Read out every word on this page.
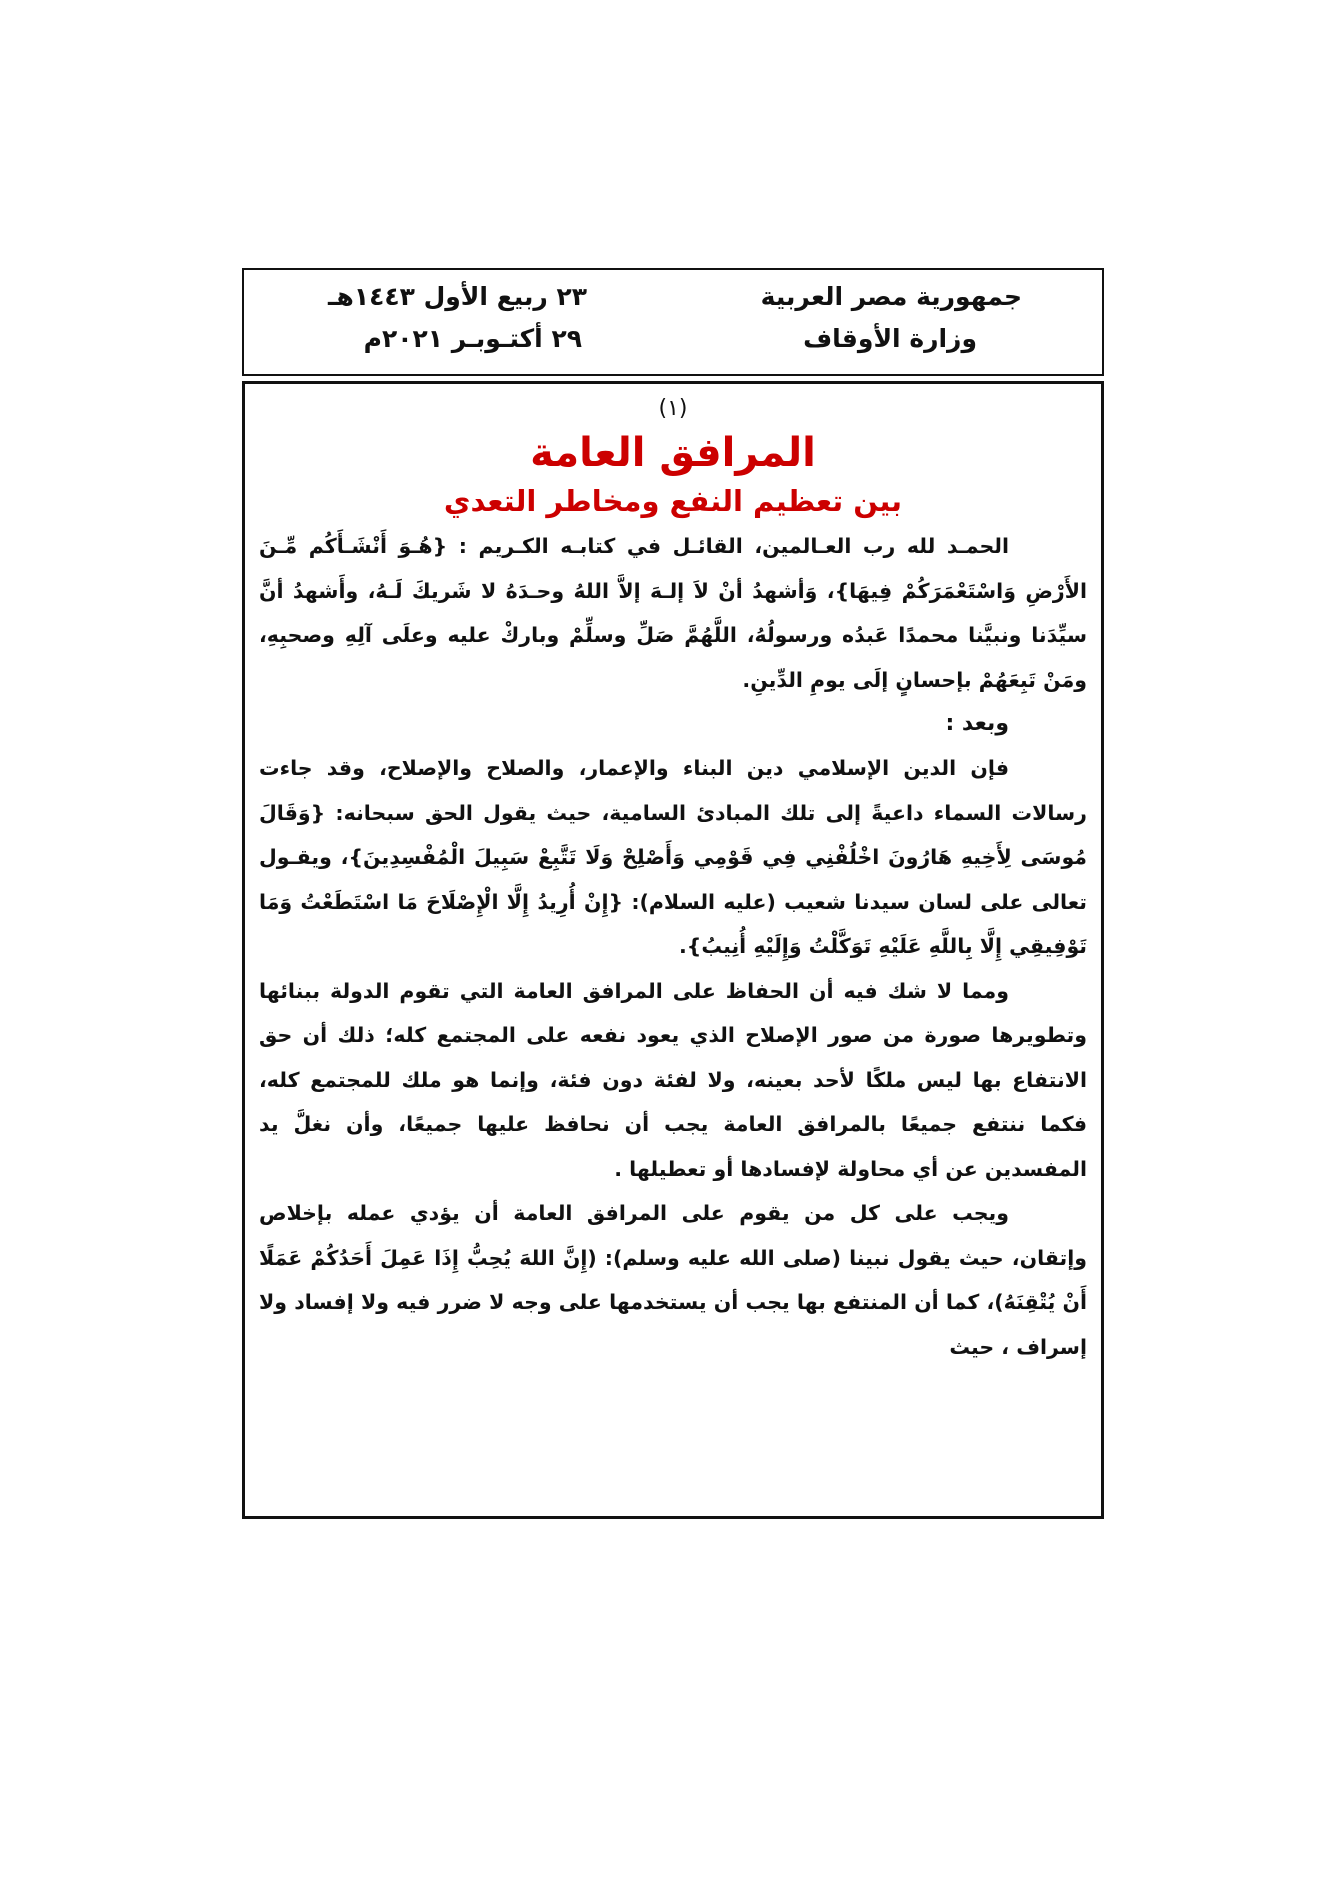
جمهورية مصر العربية
وزارة الأوقاف
٢٣ ربيع الأول ١٤٤٣هـ
٢٩ أكتـوبـر ٢٠٢١م
(١)
المرافق العامة
بين تعظيم النفع ومخاطر التعدي

الحمـد لله رب العـالمين، القائـل في كتابـه الكـريم : {هُـوَ أَنْشَـأَكُم مِّـنَ الأَرْضِ وَاسْتَعْمَرَكُمْ فِيهَا}، وَأشهدُ أنْ لاَ إلـهَ إلاَّ اللهُ وحـدَهُ لا شَريكَ لَـهُ، وأَشهدُ أنَّ سيِّدَنا ونبيَّنا محمدًا عَبدُه ورسولُهُ، اللَّهُمَّ صَلِّ وسلِّمْ وباركْ عليه وعلَى آلِهِ وصحبِهِ، ومَنْ تَبِعَهُمْ بإحسانٍ إلَى يومِ الدِّينِ.

وبعد :

فإن الدين الإسلامي دين البناء والإعمار، والصلاح والإصلاح، وقد جاءت رسالات السماء داعيةً إلى تلك المبادئ السامية، حيث يقول الحق سبحانه: {وَقَالَ مُوسَى لِأَخِيهِ هَارُونَ اخْلُفْنِي فِي قَوْمِي وَأَصْلِحْ وَلَا تَتَّبِعْ سَبِيلَ الْمُفْسِدِينَ}، ويقـول تعالى على لسان سيدنا شعيب (عليه السلام): {إِنْ أُرِيدُ إِلَّا الْإِصْلَاحَ مَا اسْتَطَعْتُ وَمَا تَوْفِيقِي إِلَّا بِاللَّهِ عَلَيْهِ تَوَكَّلْتُ وَإِلَيْهِ أُنِيبُ}.

ومما لا شك فيه أن الحفاظ على المرافق العامة التي تقوم الدولة ببنائها وتطويرها صورة من صور الإصلاح الذي يعود نفعه على المجتمع كله؛ ذلك أن حق الانتفاع بها ليس ملكًا لأحد بعينه، ولا لفئة دون فئة، وإنما هو ملك للمجتمع كله، فكما ننتفع جميعًا بالمرافق العامة يجب أن نحافظ عليها جميعًا، وأن نغلَّ يد المفسدين عن أي محاولة لإفسادها أو تعطيلها .

ويجب على كل من يقوم على المرافق العامة أن يؤدي عمله بإخلاص وإتقان، حيث يقول نبينا (صلى الله عليه وسلم): (إِنَّ اللهَ يُحِبُّ إِذَا عَمِلَ أَحَدُكُمْ عَمَلًا أَنْ يُتْقِنَهُ)، كما أن المنتفع بها يجب أن يستخدمها على وجه لا ضرر فيه ولا إفساد ولا إسراف ، حيث
